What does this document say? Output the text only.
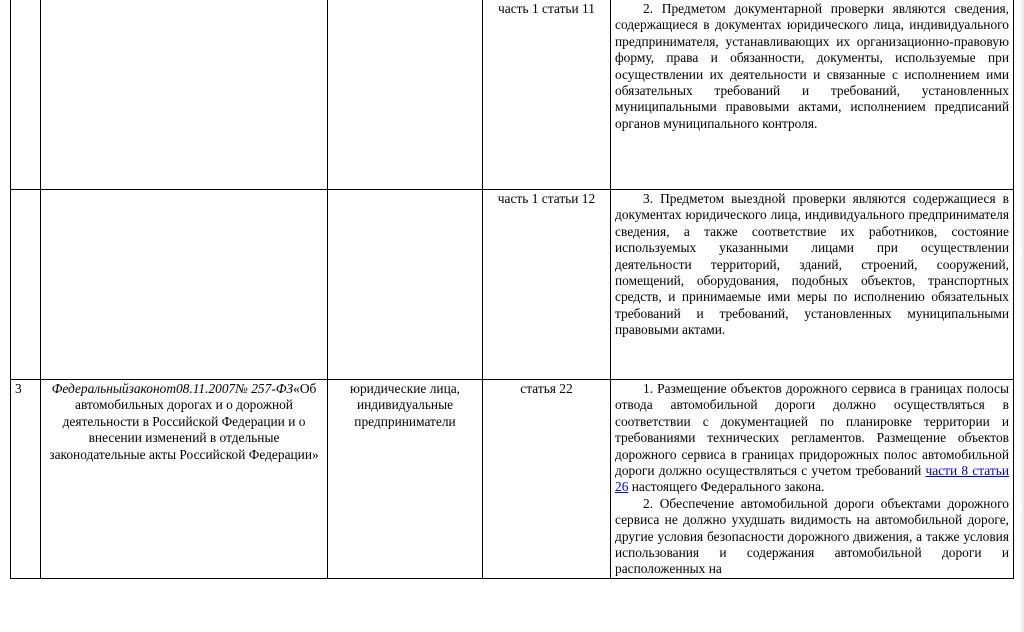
			часть 1 статьи 11	2. Предметом документарной проверки являются сведения, содержащиеся в документах юридического лица, индивидуального предпринимателя, устанавливающих их организационно-правовую форму, права и обязанности, документы, используемые при осуществлении их деятельности и связанные с исполнением ими обязательных требований и требований, установленных муниципальными правовыми актами, исполнением предписаний органов муниципального контроля.

			часть 1 статьи 12	3. Предметом выездной проверки являются содержащиеся в документах юридического лица, индивидуального предпринимателя сведения, а также соответствие их работников, состояние используемых указанными лицами при осуществлении деятельности территорий, зданий, строений, сооружений, помещений, оборудования, подобных объектов, транспортных средств, и принимаемые ими меры по исполнению обязательных требований и требований, установленных муниципальными правовыми актами.

3	Федеральныйзаконот08.11.2007№ 257-ФЗ«Об автомобильных дорогах и о дорожной деятельности в Российской Федерации и о внесении изменений в отдельные законодательные акты Российской Федерации»	юридические лица, индивидуальные предприниматели	статья 22	1. Размещение объектов дорожного сервиса в границах полосы отвода автомобильной дороги должно осуществляться в соответствии с документацией по планировке территории и требованиями технических регламентов. Размещение объектов дорожного сервиса в границах придорожных полос автомобильной дороги должно осуществляться с учетом требований части 8 статьи 26 настоящего Федерального закона.

2. Обеспечение автомобильной дороги объектами дорожного сервиса не должно ухудшать видимость на автомобильной дороге, другие условия безопасности дорожного движения, а также условия использования и содержания автомобильной дороги и расположенных на
